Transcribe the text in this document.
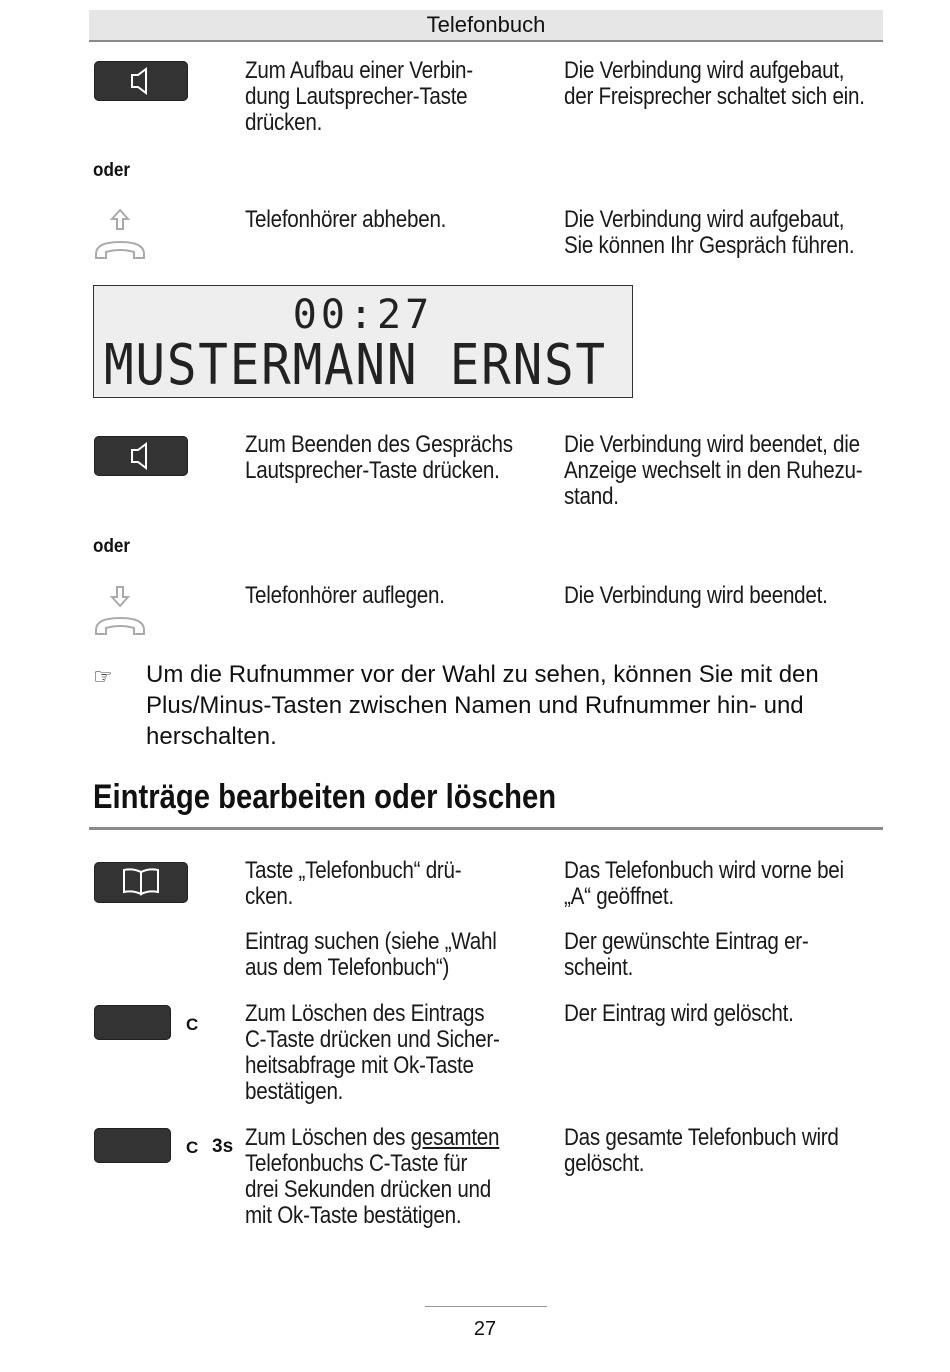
Telefonbuch
Zum Aufbau einer Verbin-
dung Lautsprecher-Taste
drücken.
Die Verbindung wird aufgebaut,
der Freisprecher schaltet sich ein.
oder
Telefonhörer abheben.	Die Verbindung wird aufgebaut,
Sie können Ihr Gespräch führen.
00:27
MUSTERMANN ERNST
Zum Beenden des Gesprächs
Lautsprecher-Taste drücken.
Die Verbindung wird beendet, die
Anzeige wechselt in den Ruhezu-
stand.
oder
Telefonhörer auflegen.	Die Verbindung wird beendet.
☞ Um die Rufnummer vor der Wahl zu sehen, können Sie mit den Plus/Minus-Tasten zwischen Namen und Rufnummer hin- und herschalten.
Einträge bearbeiten oder löschen
Taste „Telefonbuch“ drü-
cken.
Das Telefonbuch wird vorne bei
„A“ geöffnet.
Eintrag suchen (siehe „Wahl
aus dem Telefonbuch“)
Der gewünschte Eintrag er-
scheint.
C Zum Löschen des Eintrags
C-Taste drücken und Sicher-
heitsabfrage mit Ok-Taste
bestätigen.
Der Eintrag wird gelöscht.
C 3s Zum Löschen des gesamten
Telefonbuchs C-Taste für
drei Sekunden drücken und
mit Ok-Taste bestätigen.
Das gesamte Telefonbuch wird
gelöscht.
27
